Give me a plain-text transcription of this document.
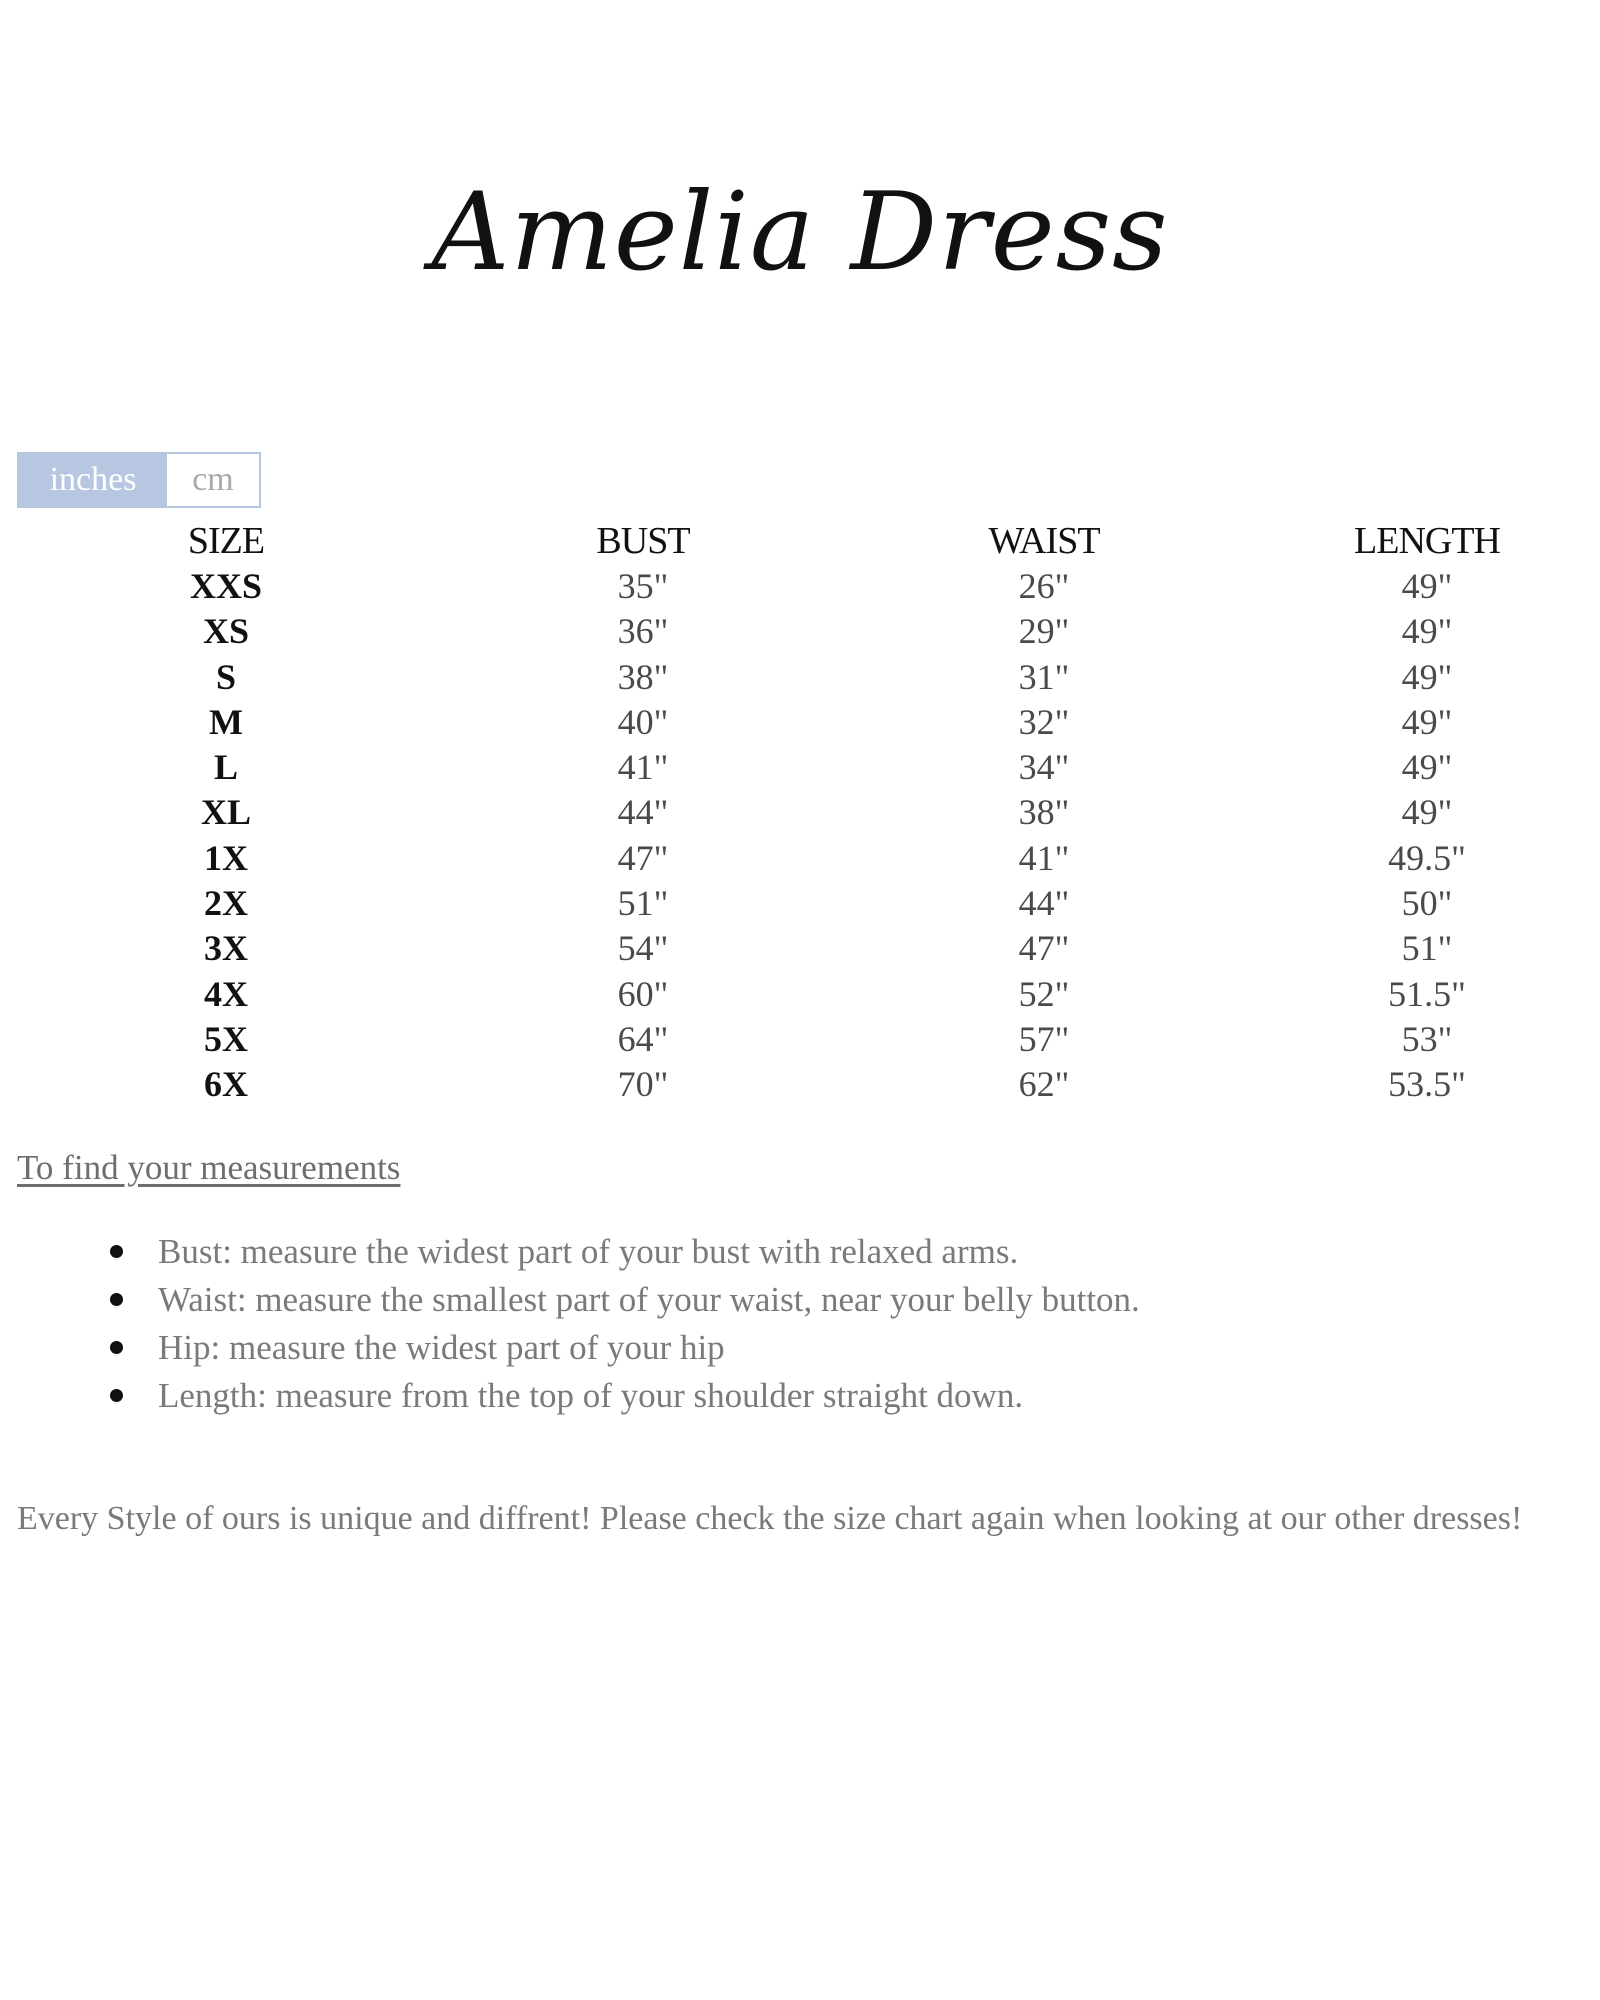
Amelia Dress
inches	cm
SIZE	BUST	WAIST	LENGTH
XXS	35"	26"	49"
XS	36"	29"	49"
S	38"	31"	49"
M	40"	32"	49"
L	41"	34"	49"
XL	44"	38"	49"
1X	47"	41"	49.5"
2X	51"	44"	50"
3X	54"	47"	51"
4X	60"	52"	51.5"
5X	64"	57"	53"
6X	70"	62"	53.5"
To find your measurements
Bust: measure the widest part of your bust with relaxed arms.
Waist: measure the smallest part of your waist, near your belly button.
Hip: measure the widest part of your hip
Length: measure from the top of your shoulder straight down.
Every Style of ours is unique and diffrent! Please check the size chart again when looking at our other dresses!
